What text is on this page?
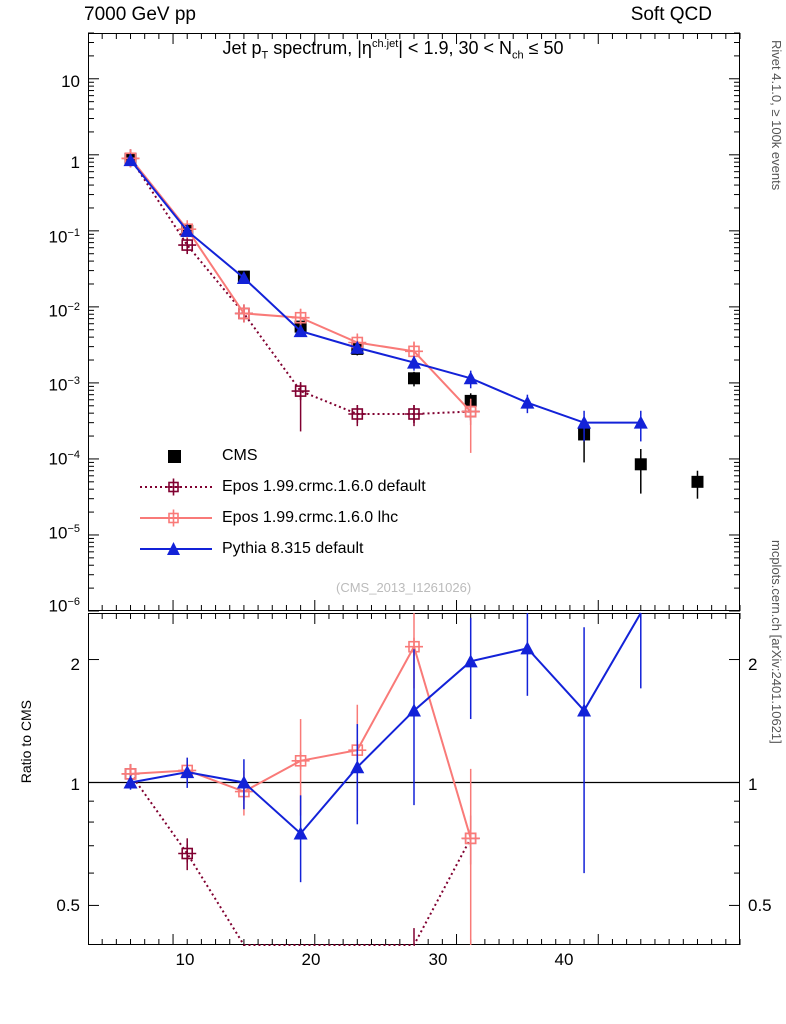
7000 GeV pp	Soft QCD
Rivet 4.1.0, ≥ 100k events
mcplots.cern.ch [arXiv:2401.10621]
Jet $p_T$ spectrum, $|\eta^{ch.jet}| < 1.9$, $30 < N_{ch} \le 50$
10
1
$10^{-1}$
$10^{-2}$
$10^{-3}$
$10^{-4}$
$10^{-5}$
$10^{-6}$
(CMS_2013_I1261026)
CMS
Epos 1.99.crmc.1.6.0 default
Epos 1.99.crmc.1.6.0 lhc
Pythia 8.315 default
Ratio to CMS
2
1
0.5
2
1
0.5
10	20	30	40
